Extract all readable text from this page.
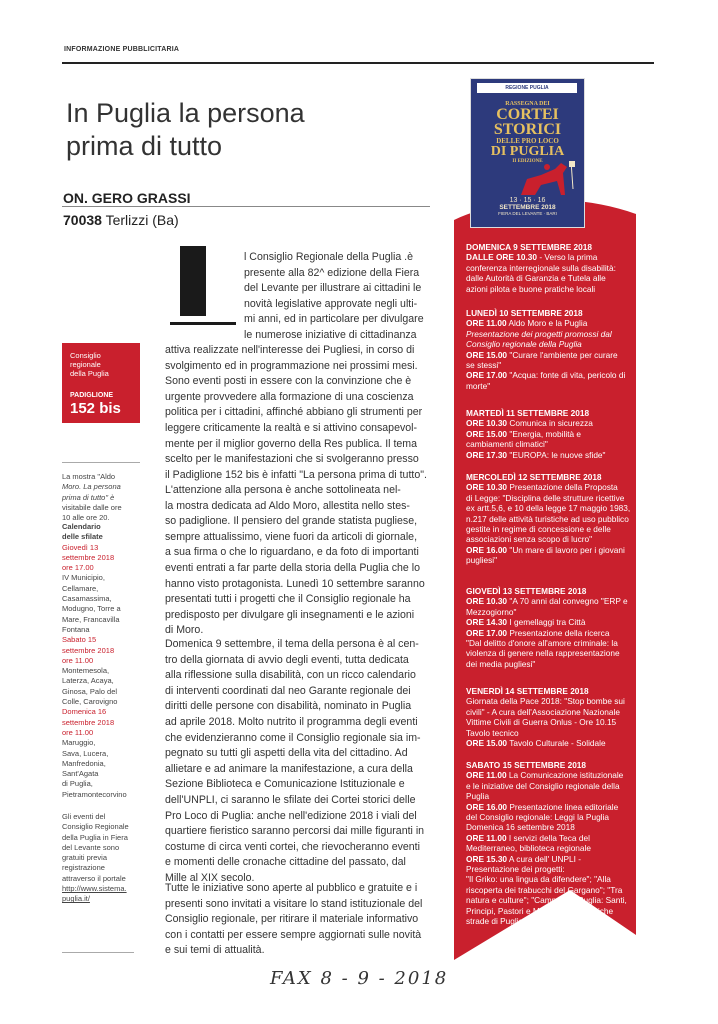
INFORMAZIONE PUBBLICITARIA
In Puglia la persona
prima di tutto
ON. GERO GRASSI
70038 Terlizzi (Ba)
l Consiglio Regionale della Puglia .è
presente alla 82^ edizione della Fiera
del Levante per illustrare ai cittadini le
novità legislative approvate negli ulti-
mi anni, ed in particolare per divulgare
le numerose iniziative di cittadinanza
attiva realizzate nell'interesse dei Pugliesi, in corso di
svolgimento ed in programmazione nei prossimi mesi.
Sono eventi posti in essere con la convinzione che è
urgente provvedere alla formazione di una coscienza
politica per i cittadini, affinché abbiano gli strumenti per
leggere criticamente la realtà e si attivino consapevol-
mente per il miglior governo della Res publica. Il tema
scelto per le manifestazioni che si svolgeranno presso
il Padiglione 152 bis è infatti "La persona prima di tutto".
L'attenzione alla persona è anche sottolineata nel-
la mostra dedicata ad Aldo Moro, allestita nello stes-
so padiglione. Il pensiero del grande statista pugliese,
sempre attualissimo, viene fuori da articoli di giornale,
a sua firma o che lo riguardano, e da foto di importanti
eventi entrati a far parte della storia della Puglia che lo
hanno visto protagonista. Lunedì 10 settembre saranno
presentati tutti i progetti che il Consiglio regionale ha
predisposto per divulgare gli insegnamenti e le azioni
di Moro.
Domenica 9 settembre, il tema della persona è al cen-
tro della giornata di avvio degli eventi, tutta dedicata
alla riflessione sulla disabilità, con un ricco calendario
di interventi coordinati dal neo Garante regionale dei
diritti delle persone con disabilità, nominato in Puglia
ad aprile 2018. Molto nutrito il programma degli eventi
che evidenzieranno come il Consiglio regionale sia im-
pegnato su tutti gli aspetti della vita del cittadino. Ad
allietare e ad animare la manifestazione, a cura della
Sezione Biblioteca e Comunicazione Istituzionale e
dell'UNPLI, ci saranno le sfilate dei Cortei storici delle
Pro Loco di Puglia: anche nell'edizione 2018 i viali del
quartiere fieristico saranno percorsi dai mille figuranti in
costume di circa venti cortei, che rievocheranno eventi
e momenti delle cronache cittadine del passato, dal
Mille al XIX secolo.
Tutte le iniziative sono aperte al pubblico e gratuite e i
presenti sono invitati a visitare lo stand istituzionale del
Consiglio regionale, per ritirare il materiale informativo
con i contatti per essere sempre aggiornati sulle novità
e sui temi di attualità.
Consiglio
regionale
della Puglia
PADIGLIONE
152 bis
La mostra "Aldo
Moro. La persona
prima di tutto" è
visitabile dalle ore
10 alle ore 20.
Calendario
delle sfilate
Giovedì 13
settembre 2018
ore 17.00
IV Municipio,
Cellamare,
Casamassima,
Modugno, Torre a
Mare, Francavilla
Fontana
Sabato 15
settembre 2018
ore 11.00
Montemesola,
Laterza, Acaya,
Ginosa, Palo del
Colle, Carovigno
Domenica 16
settembre 2018
ore 11.00
Maruggio,
Sava, Lucera,
Manfredonia,
Sant'Agata
di Puglia,
Pietramontecorvino
Gli eventi del
Consiglio Regionale
della Puglia in Fiera
del Levante sono
gratuiti previa
registrazione
attraverso il portale
http://www.sistema.
puglia.it/
REGIONE PUGLIA
RASSEGNA DEI
CORTEI
STORICI
DELLE PRO LOCO
DI PUGLIA
II EDIZIONE
13 · 15 · 16
SETTEMBRE 2018
FIERA DEL LEVANTE · BARI
DOMENICA 9 SETTEMBRE 2018
DALLE ORE 10.30 - Verso la prima
conferenza interregionale sulla disabilità:
dalle Autorità di Garanzia e Tutela alle
azioni pilota e buone pratiche locali
LUNEDÌ 10 SETTEMBRE 2018
ORE 11.00 Aldo Moro e la Puglia
Presentazione dei progetti promossi dal
Consiglio regionale della Puglia
ORE 15.00 "Curare l'ambiente per curare
se stessi"
ORE 17.00 "Acqua: fonte di vita, pericolo di
morte"
MARTEDÌ 11 SETTEMBRE 2018
ORE 10.30 Comunica in sicurezza
ORE 15.00 "Energia, mobilità e
cambiamenti climatici"
ORE 17.30 "EUROPA: le nuove sfide"
MERCOLEDÌ 12 SETTEMBRE 2018
ORE 10.30 Presentazione della Proposta
di Legge: "Disciplina delle strutture ricettive
ex artt.5,6, e 10 della legge 17 maggio 1983,
n.217 delle attività turistiche ad uso pubblico
gestite in regime di concessione e delle
associazioni senza scopo di lucro"
ORE 16.00 "Un mare di lavoro per i giovani
pugliesi"
GIOVEDÌ 13 SETTEMBRE 2018
ORE 10.30 "A 70 anni dal convegno "ERP e
Mezzogiorno"
ORE 14.30 I gemellaggi tra Città
ORE 17.00 Presentazione della ricerca
"Dal delitto d'onore all'amore criminale: la
violenza di genere nella rappresentazione
dei media pugliesi"
VENERDÌ 14 SETTEMBRE 2018
Giornata della Pace 2018: "Stop bombe sui
civili" - A cura dell'Associazione Nazionale
Vittime Civili di Guerra Onlus - Ore 10.15
Tavolo tecnico
ORE 15.00 Tavolo Culturale - Solidale
SABATO 15 SETTEMBRE 2018
ORE 11.00 La Comunicazione istituzionale
e le iniziative del Consiglio regionale della
Puglia
ORE 16.00 Presentazione linea editoriale
del Consiglio regionale: Leggi la Puglia
Domenica 16 settembre 2018
ORE 11.00 I servizi della Teca del
Mediterraneo, biblioteca regionale
ORE 15.30 A cura dell' UNPLI -
Presentazione dei progetti:
"Il Griko: una lingua da difendere"; "Alla
riscoperta dei trabucchi del Gargano"; "Tra
natura e culture"; "Cammini di Puglia: Santi,
Principi, Pastori e Mercanti sulle antiche
strade di Puglia"
FAX 8 - 9 - 2018
